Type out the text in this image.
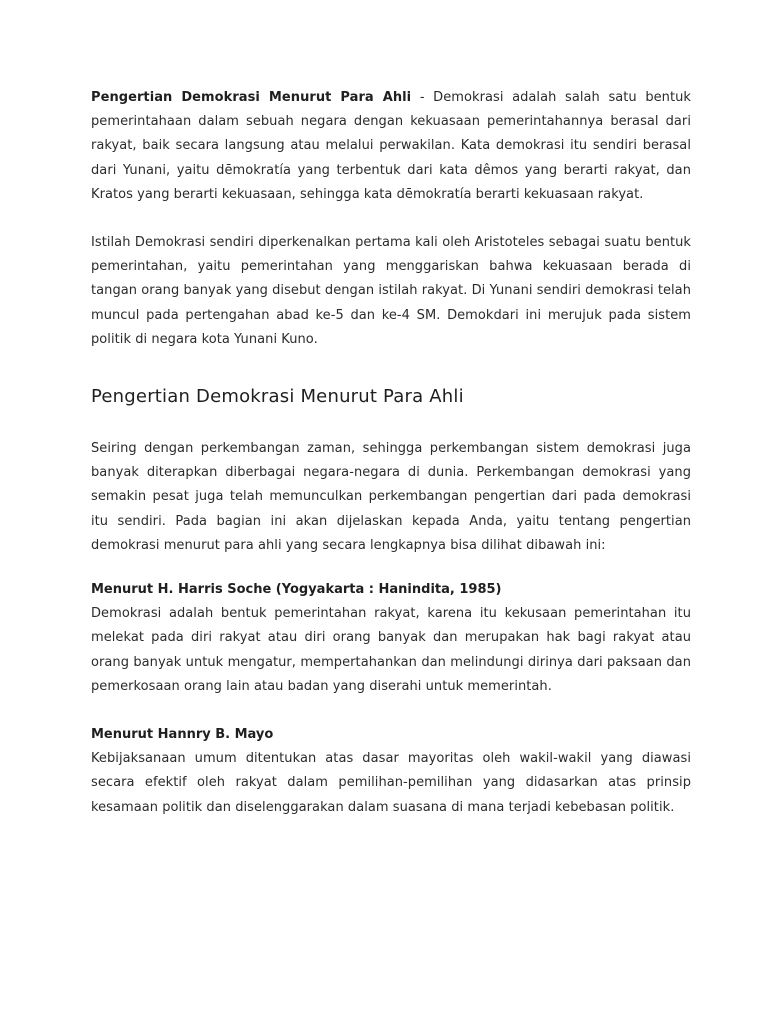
Pengertian Demokrasi Menurut Para Ahli - Demokrasi adalah salah satu bentuk pemerintahaan dalam sebuah negara dengan kekuasaan pemerintahannya berasal dari rakyat, baik secara langsung atau melalui perwakilan. Kata demokrasi itu sendiri berasal dari Yunani, yaitu dēmokratía yang terbentuk dari kata dêmos yang berarti rakyat, dan Kratos yang berarti kekuasaan, sehingga kata dēmokratía berarti kekuasaan rakyat.

Istilah Demokrasi sendiri diperkenalkan pertama kali oleh Aristoteles sebagai suatu bentuk pemerintahan, yaitu pemerintahan yang menggariskan bahwa kekuasaan berada di tangan orang banyak yang disebut dengan istilah rakyat. Di Yunani sendiri demokrasi telah muncul pada pertengahan abad ke-5 dan ke-4 SM. Demokdari ini merujuk pada sistem politik di negara kota Yunani Kuno.

Pengertian Demokrasi Menurut Para Ahli

Seiring dengan perkembangan zaman, sehingga perkembangan sistem demokrasi juga banyak diterapkan diberbagai negara-negara di dunia. Perkembangan demokrasi yang semakin pesat juga telah memunculkan perkembangan pengertian dari pada demokrasi itu sendiri. Pada bagian ini akan dijelaskan kepada Anda, yaitu tentang pengertian demokrasi menurut para ahli yang secara lengkapnya bisa dilihat dibawah ini:

Menurut H. Harris Soche (Yogyakarta : Hanindita, 1985)

Demokrasi adalah bentuk pemerintahan rakyat, karena itu kekusaan pemerintahan itu melekat pada diri rakyat atau diri orang banyak dan merupakan hak bagi rakyat atau orang banyak untuk mengatur, mempertahankan dan melindungi dirinya dari paksaan dan pemerkosaan orang lain atau badan yang diserahi untuk memerintah.

Menurut Hannry B. Mayo

Kebijaksanaan umum ditentukan atas dasar mayoritas oleh wakil-wakil yang diawasi secara efektif oleh rakyat dalam pemilihan-pemilihan yang didasarkan atas prinsip kesamaan politik dan diselenggarakan dalam suasana di mana terjadi kebebasan politik.
